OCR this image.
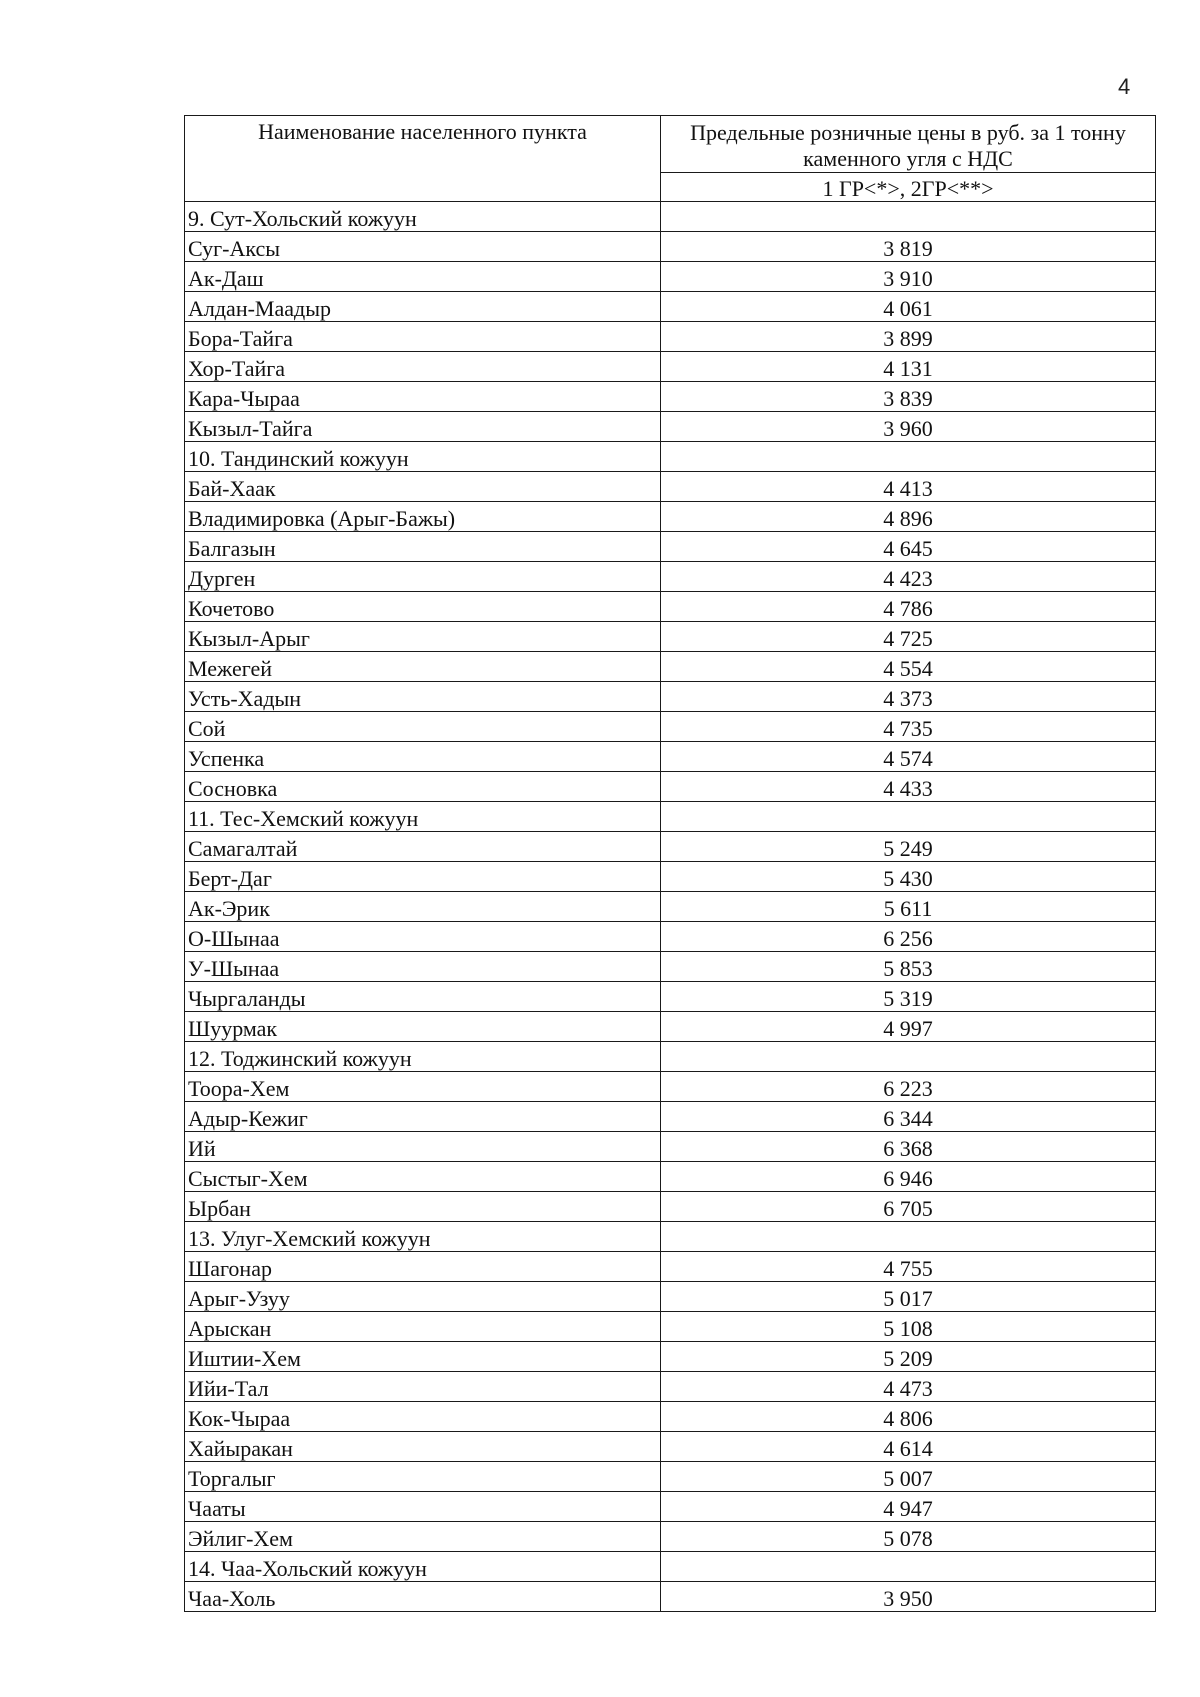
4
Наименование населенного пункта	Предельные розничные цены в руб. за 1 тонну каменного угля с НДС
	1 ГР<*>, 2ГР<**>
9. Сут-Хольский кожуун	
Суг-Аксы	3 819
Ак-Даш	3 910
Алдан-Маадыр	4 061
Бора-Тайга	3 899
Хор-Тайга	4 131
Кара-Чыраа	3 839
Кызыл-Тайга	3 960
10. Тандинский кожуун	
Бай-Хаак	4 413
Владимировка (Арыг-Бажы)	4 896
Балгазын	4 645
Дурген	4 423
Кочетово	4 786
Кызыл-Арыг	4 725
Межегей	4 554
Усть-Хадын	4 373
Сой	4 735
Успенка	4 574
Сосновка	4 433
11. Тес-Хемский кожуун	
Самагалтай	5 249
Берт-Даг	5 430
Ак-Эрик	5 611
О-Шынаа	6 256
У-Шынаа	5 853
Чыргаланды	5 319
Шуурмак	4 997
12. Тоджинский кожуун	
Тоора-Хем	6 223
Адыр-Кежиг	6 344
Ий	6 368
Сыстыг-Хем	6 946
Ырбан	6 705
13. Улуг-Хемский кожуун	
Шагонар	4 755
Арыг-Узуу	5 017
Арыскан	5 108
Иштии-Хем	5 209
Ийи-Тал	4 473
Кок-Чыраа	4 806
Хайыракан	4 614
Торгалыг	5 007
Чааты	4 947
Эйлиг-Хем	5 078
14. Чаа-Хольский кожуун	
Чаа-Холь	3 950
